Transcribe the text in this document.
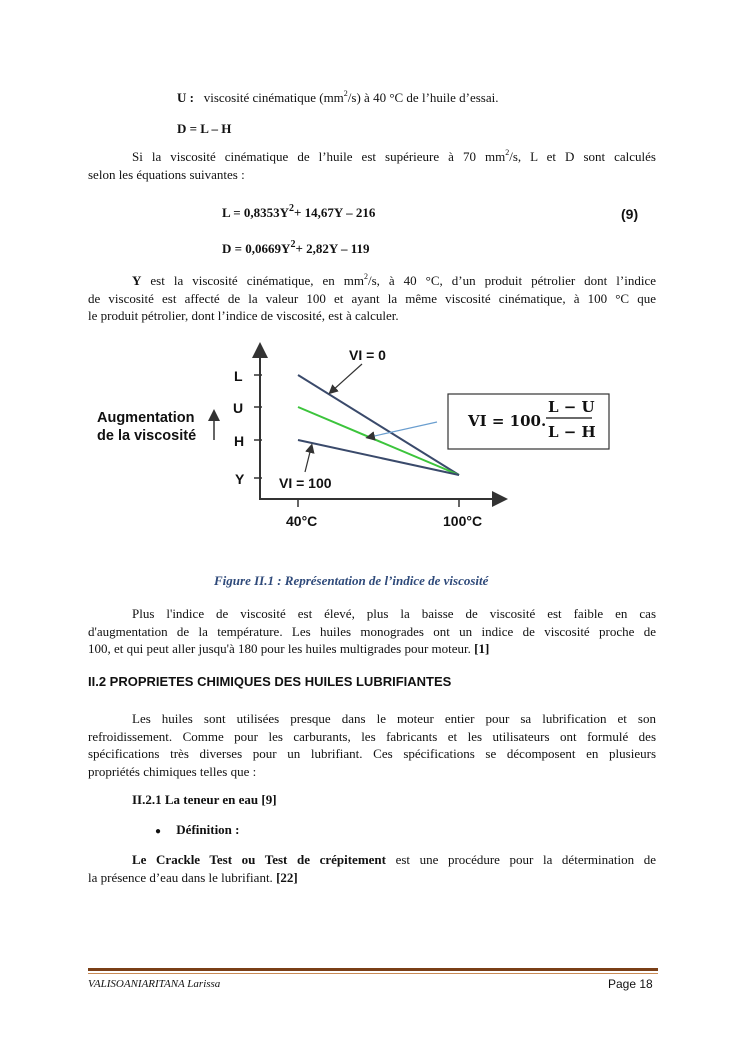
U : viscosité cinématique $(mm^2/s)$ à 40 °C de l’huile d’essai.
D = L – H
Si la viscosité cinématique de l’huile est supérieure à 70 $mm^2/s$, L et D sont calculés
selon les équations suivantes :
$L = 0,8353Y^2+ 14,67Y - 216$	(9)
$D = 0,0669Y^2+ 2,82Y - 119$
Y est la viscosité cinématique, en $mm^2/s$, à 40 °C, d’un produit pétrolier dont l’indice
de viscosité est affecté de la valeur 100 et ayant la même viscosité cinématique, à 100 °C que
le produit pétrolier, dont l’indice de viscosité, est à calculer.
VI = 0
VI = 100
L
U
H
Y
Augmentation
de la viscosité
40°C	100°C
VI = 100.
L − U
L − H
Figure II.1 : Représentation de l’indice de viscosité
Plus l'indice de viscosité est élevé, plus la baisse de viscosité est faible en cas
d'augmentation de la température. Les huiles monogrades ont un indice de viscosité proche de
100, et qui peut aller jusqu'à 180 pour les huiles multigrades pour moteur. [1]
II.2 PROPRIETES CHIMIQUES DES HUILES LUBRIFIANTES
Les huiles sont utilisées presque dans le moteur entier pour sa lubrification et son
refroidissement. Comme pour les carburants, les fabricants et les utilisateurs ont formulé des
spécifications très diverses pour un lubrifiant. Ces spécifications se décomposent en plusieurs
propriétés chimiques telles que :
II.2.1 La teneur en eau [9]
● Définition :
Le Crackle Test ou Test de crépitement est une procédure pour la détermination de
la présence d’eau dans le lubrifiant. [22]
VALISOANIARITANA Larissa	Page 18
